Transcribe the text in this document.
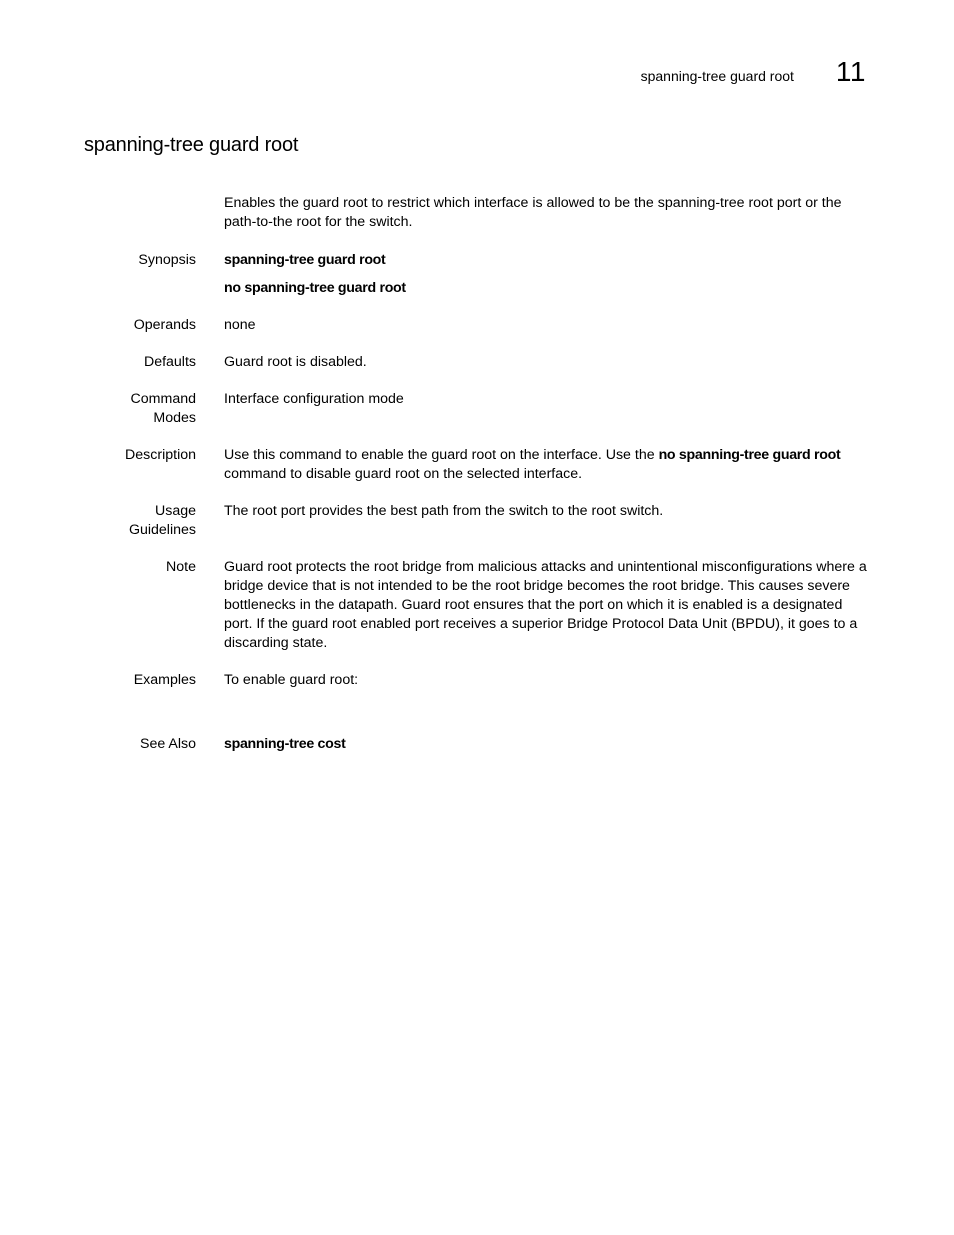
spanning-tree guard root 11
spanning-tree guard root

Enables the guard root to restrict which interface is allowed to be the spanning-tree root port or the path-to-the root for the switch.

Synopsis spanning-tree guard root

no spanning-tree guard root

Operands none
Defaults Guard root is disabled.
Command
Modes
Interface configuration mode
Description Use this command to enable the guard root on the interface. Use the no spanning-tree guard root command to disable guard root on the selected interface.
Usage
Guidelines
The root port provides the best path from the switch to the root switch.
Note Guard root protects the root bridge from malicious attacks and unintentional misconfigurations where a bridge device that is not intended to be the root bridge becomes the root bridge. This causes severe bottlenecks in the datapath. Guard root ensures that the port on which it is enabled is a designated port. If the guard root enabled port receives a superior Bridge Protocol Data Unit (BPDU), it goes to a discarding state.
Examples To enable guard root:
See Also spanning-tree cost
